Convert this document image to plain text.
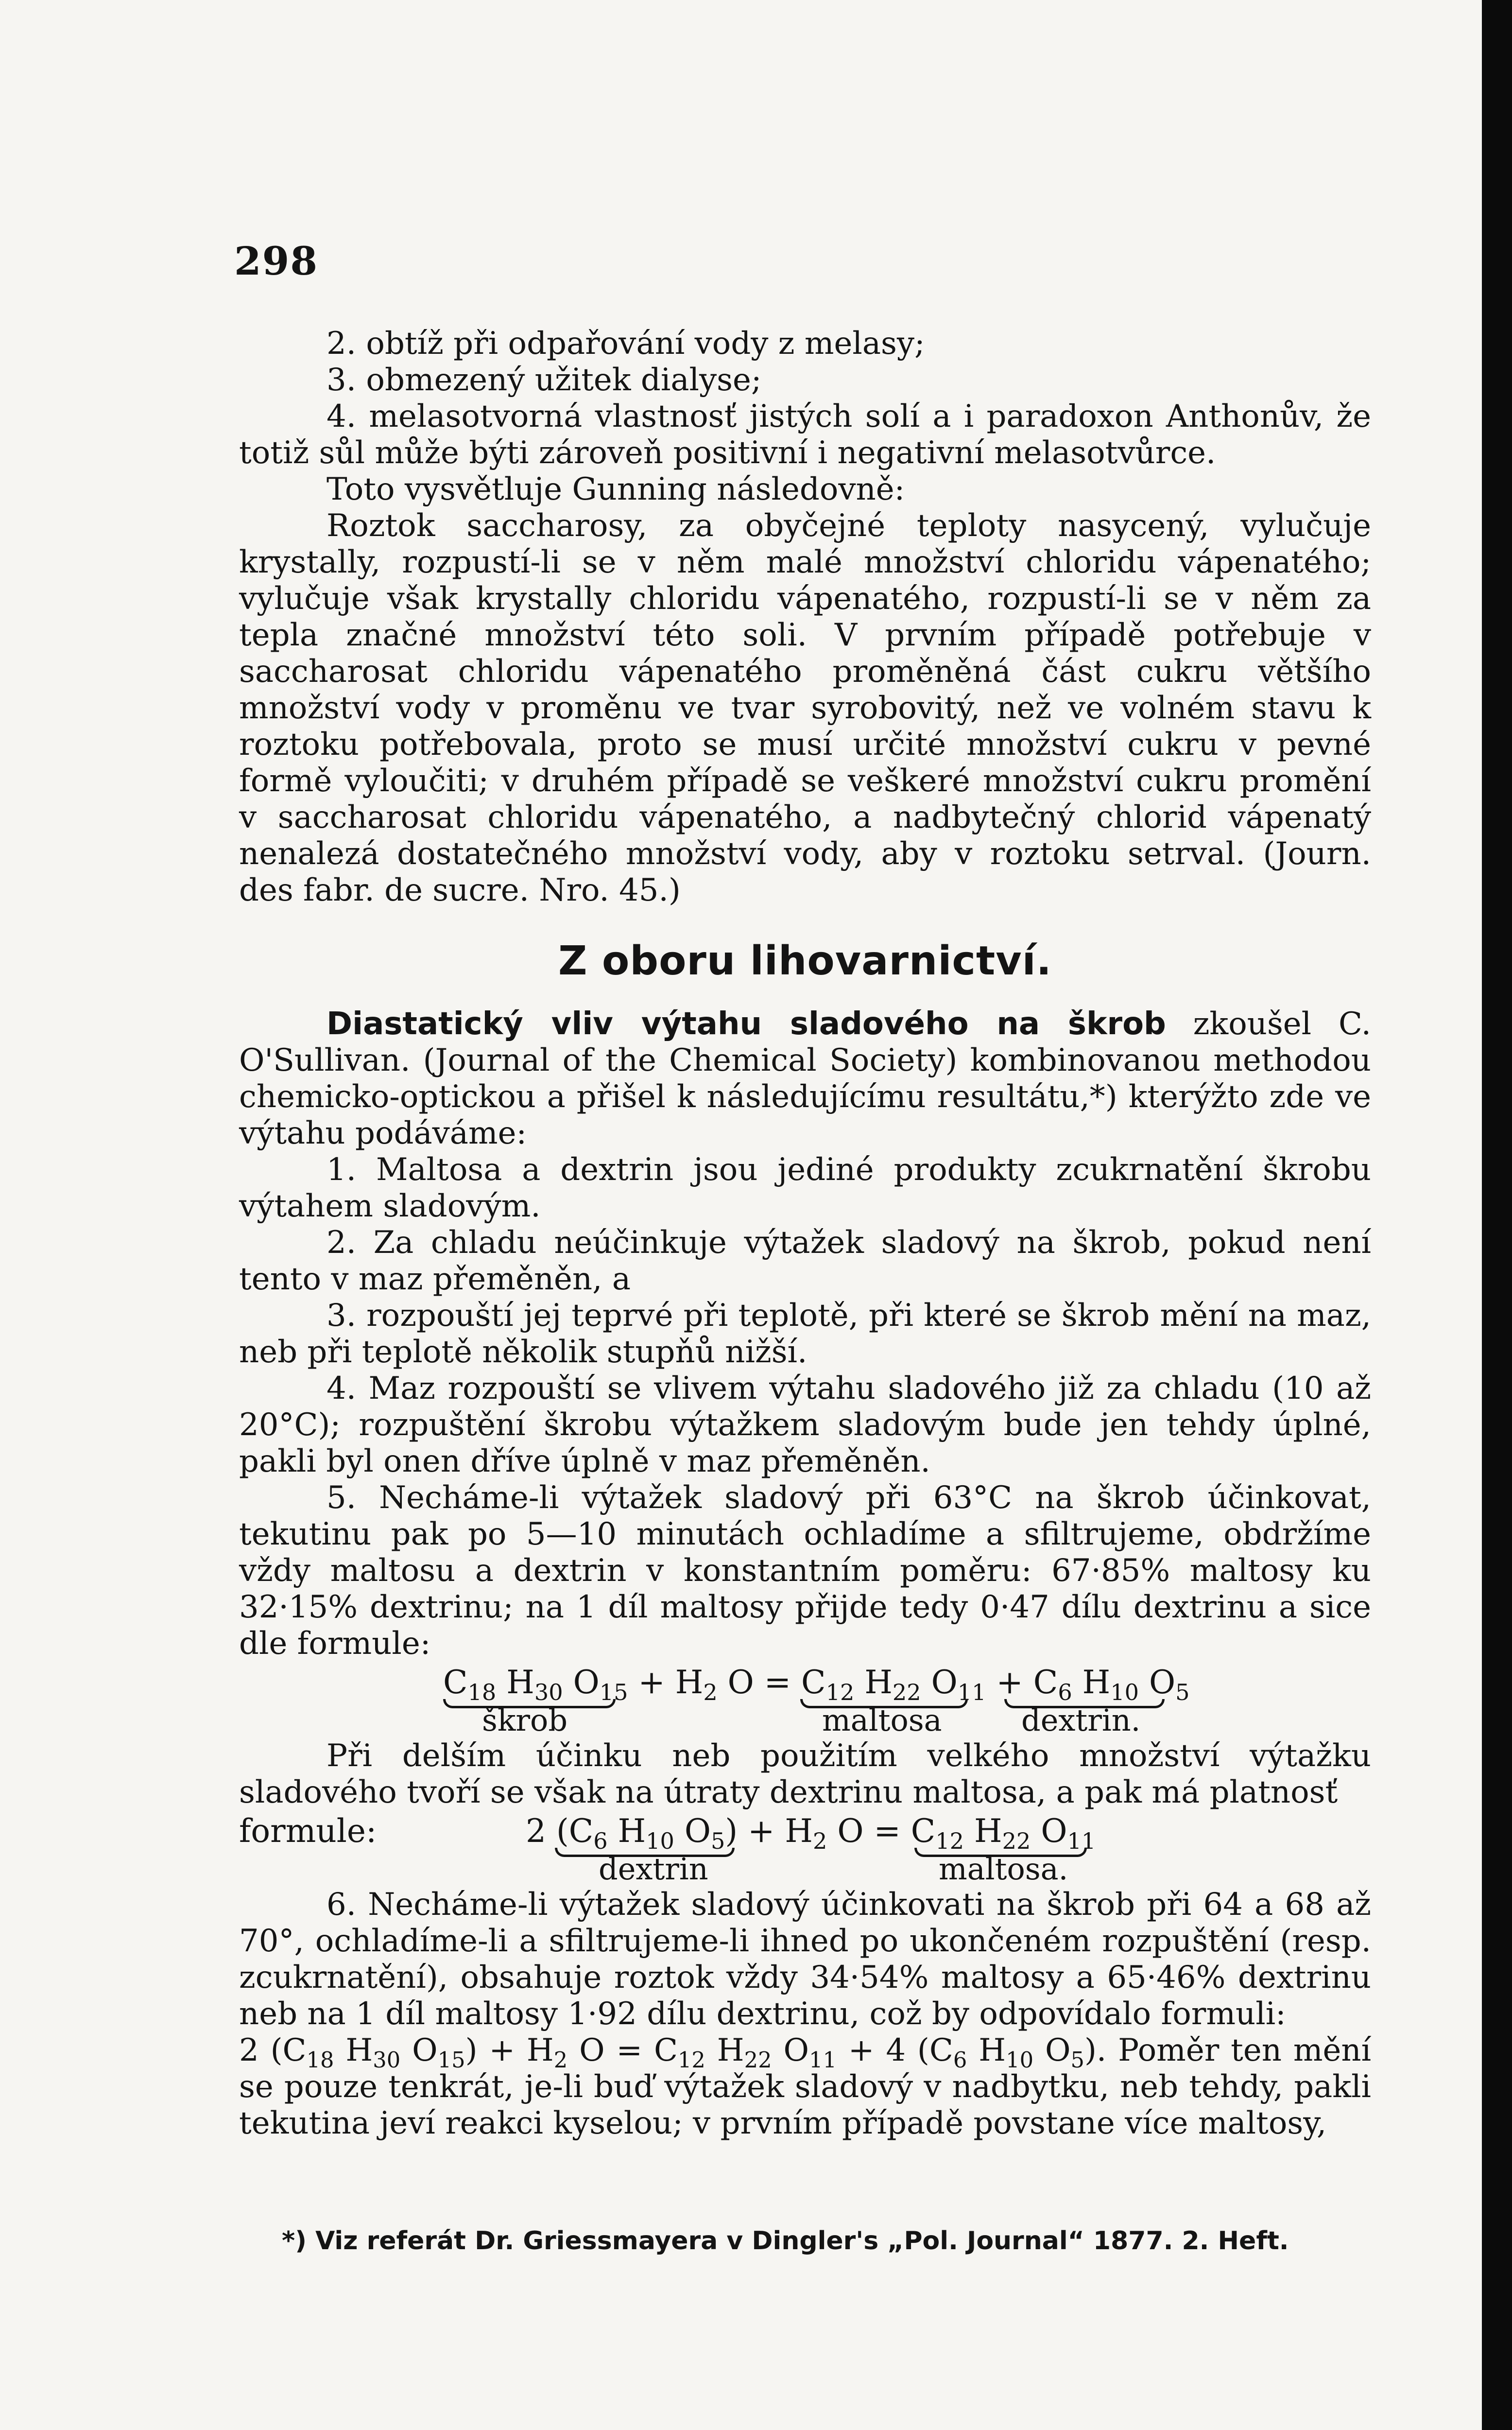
298

2. obtíž při odpařování vody z melasy;

3. obmezený užitek dialyse;

4. melasotvorná vlastnosť jistých solí a i paradoxon Anthonův, že totiž sůl může býti zároveň positivní i negativní melasotvůrce.

Toto vysvětluje Gunning následovně:

Roztok saccharosy, za obyčejné teploty nasycený, vylučuje krystally, rozpustí-li se v něm malé množství chloridu vápenatého; vylučuje však krystally chloridu vápenatého, rozpustí-li se v něm za tepla značné množství této soli. V prvním případě potřebuje v saccharosat chloridu vápenatého proměněná část cukru většího množství vody v proměnu ve tvar syrobovitý, než ve volném stavu k roztoku potřebovala, proto se musí určité množství cukru v pevné formě vyloučiti; v druhém případě se veškeré množství cukru promění v saccharosat chloridu vápenatého, a nadbytečný chlorid vápenatý nenalezá dostatečného množství vody, aby v roztoku setrval. (Journ. des fabr. de sucre. Nro. 45.)

Z oboru lihovarnictví.

Diastatický vliv výtahu sladového na škrob zkoušel C. O'Sullivan. (Journal of the Chemical Society) kombinovanou methodou chemicko-optickou a přišel k následujícímu resultátu,*) kterýžto zde ve výtahu podáváme:

1. Maltosa a dextrin jsou jediné produkty zcukrnatění škrobu výtahem sladovým.

2. Za chladu neúčinkuje výtažek sladový na škrob, pokud není tento v maz přeměněn, a

3. rozpouští jej teprvé při teplotě, při které se škrob mění na maz, neb při teplotě několik stupňů nižší.

4. Maz rozpouští se vlivem výtahu sladového již za chladu (10 až 20°C); rozpuštění škrobu výtažkem sladovým bude jen tehdy úplné, pakli byl onen dříve úplně v maz přeměněn.

5. Necháme-li výtažek sladový při 63°C na škrob účinkovat, tekutinu pak po 5—10 minutách ochladíme a sfiltrujeme, obdržíme vždy maltosu a dextrin v konstantním poměru: 67·85% maltosy ku 32·15% dextrinu; na 1 díl maltosy přijde tedy 0·47 dílu dextrinu a sice dle formule:

$C_{18}$ $H_{30}$ $O_{15} + H_2$ $O = C_{12}$ $H_{22}$ $O_{11} + C_6$ $H_{10}$ $O_5$
škrob	maltosa	dextrin.

Při delším účinku neb použitím velkého množství výtažku sladového tvoří se však na útraty dextrinu maltosa, a pak má platnosť

formule:	2 ($C_6$ $H_{10}$ $O_5) + H_2$ $O = C_{12}$ $H_{22}$ $O_{11}$
dextrin	maltosa.

6. Necháme-li výtažek sladový účinkovati na škrob při 64 a 68 až 70°, ochladíme-li a sfiltrujeme-li ihned po ukončeném rozpuštění (resp. zcukrnatění), obsahuje roztok vždy 34·54% maltosy a 65·46% dextrinu neb na 1 díl maltosy 1·92 dílu dextrinu, což by odpovídalo formuli:

2 ($C_{18}$ $H_{30}$ $O_{15}) + H_2$ $O = C_{12}$ $H_{22}$ $O_{11} + 4$ ($C_6$ $H_{10}$ $O_5$). Poměr ten mění se pouze tenkrát, je-li buď výtažek sladový v nadbytku, neb tehdy, pakli tekutina jeví reakci kyselou; v prvním případě povstane více maltosy,

*) Viz referát Dr. Griessmayera v Dingler's „Pol. Journal“ 1877. 2. Heft.
